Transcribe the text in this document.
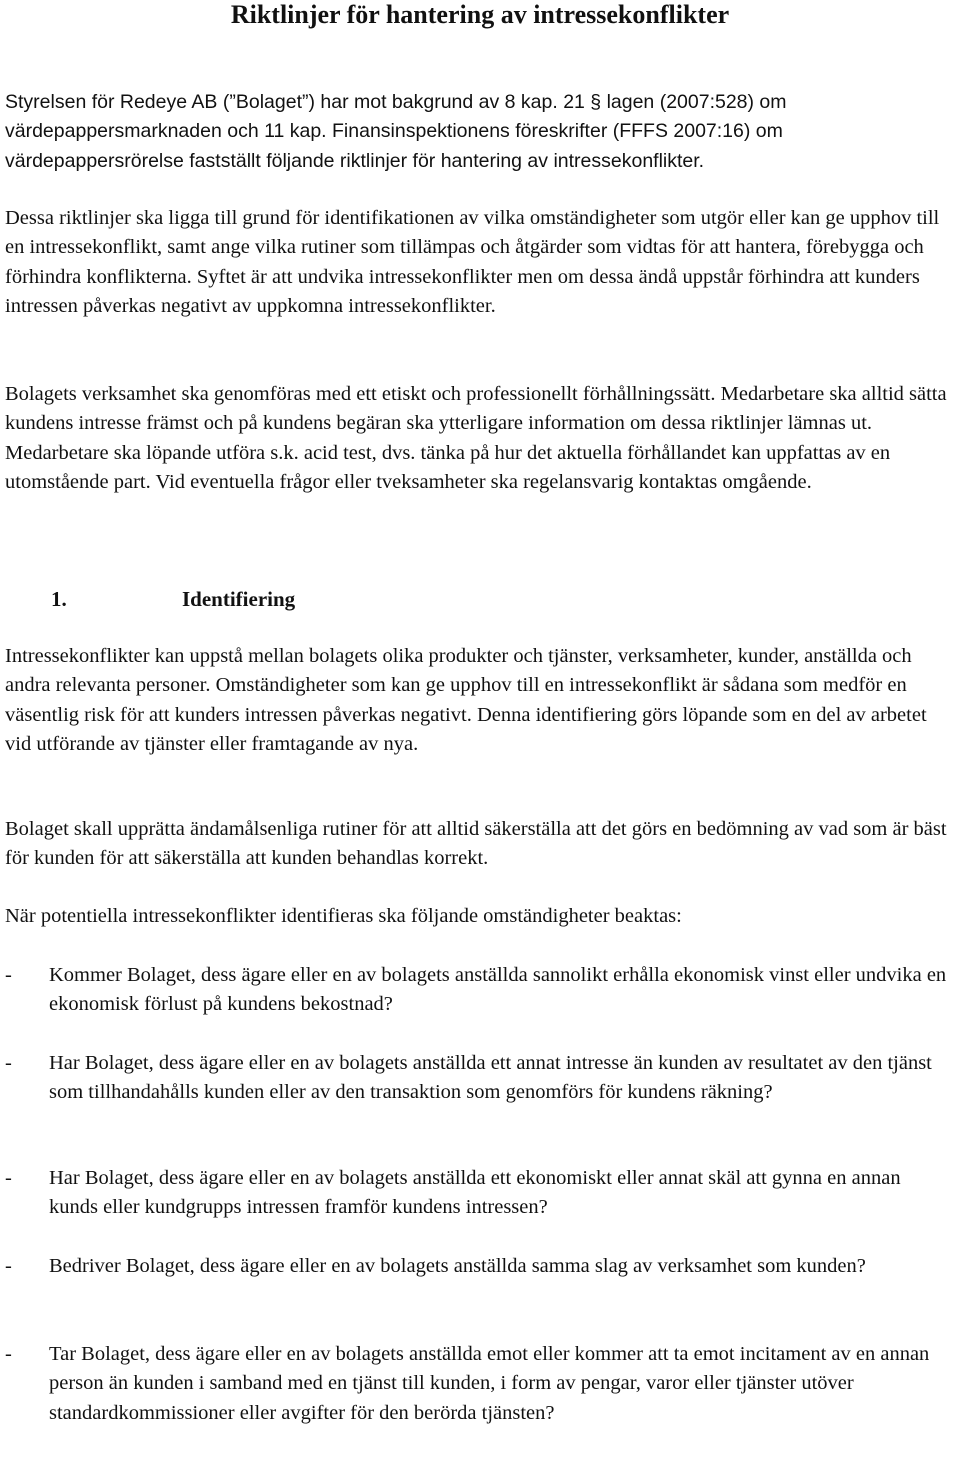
Riktlinjer för hantering av intressekonflikter

Styrelsen för Redeye AB (”Bolaget”) har mot bakgrund av 8 kap. 21 § lagen (2007:528) om värdepappersmarknaden och 11 kap. Finansinspektionens föreskrifter (FFFS 2007:16) om värdepappersrörelse fastställt följande riktlinjer för hantering av intressekonflikter.

Dessa riktlinjer ska ligga till grund för identifikationen av vilka omständigheter som utgör eller kan ge upphov till en intressekonflikt, samt ange vilka rutiner som tillämpas och åtgärder som vidtas för att hantera, förebygga och förhindra konflikterna. Syftet är att undvika intressekonflikter men om dessa ändå uppstår förhindra att kunders intressen påverkas negativt av uppkomna intressekonflikter.

Bolagets verksamhet ska genomföras med ett etiskt och professionellt förhållningssätt. Medarbetare ska alltid sätta kundens intresse främst och på kundens begäran ska ytterligare information om dessa riktlinjer lämnas ut. Medarbetare ska löpande utföra s.k. acid test, dvs. tänka på hur det aktuella förhållandet kan uppfattas av en utomstående part. Vid eventuella frågor eller tveksamheter ska regelansvarig kontaktas omgående.

1.	Identifiering

Intressekonflikter kan uppstå mellan bolagets olika produkter och tjänster, verksamheter, kunder, anställda och andra relevanta personer. Omständigheter som kan ge upphov till en intressekonflikt är sådana som medför en väsentlig risk för att kunders intressen påverkas negativt. Denna identifiering görs löpande som en del av arbetet vid utförande av tjänster eller framtagande av nya.

Bolaget skall upprätta ändamålsenliga rutiner för att alltid säkerställa att det görs en bedömning av vad som är bäst för kunden för att säkerställa att kunden behandlas korrekt.

När potentiella intressekonflikter identifieras ska följande omständigheter beaktas:

- Kommer Bolaget, dess ägare eller en av bolagets anställda sannolikt erhålla ekonomisk vinst eller undvika en ekonomisk förlust på kundens bekostnad?
- Har Bolaget, dess ägare eller en av bolagets anställda ett annat intresse än kunden av resultatet av den tjänst som tillhandahålls kunden eller av den transaktion som genomförs för kundens räkning?
- Har Bolaget, dess ägare eller en av bolagets anställda ett ekonomiskt eller annat skäl att gynna en annan kunds eller kundgrupps intressen framför kundens intressen?
- Bedriver Bolaget, dess ägare eller en av bolagets anställda samma slag av verksamhet som kunden?
- Tar Bolaget, dess ägare eller en av bolagets anställda emot eller kommer att ta emot incitament av en annan person än kunden i samband med en tjänst till kunden, i form av pengar, varor eller tjänster utöver standardkommissioner eller avgifter för den berörda tjänsten?
